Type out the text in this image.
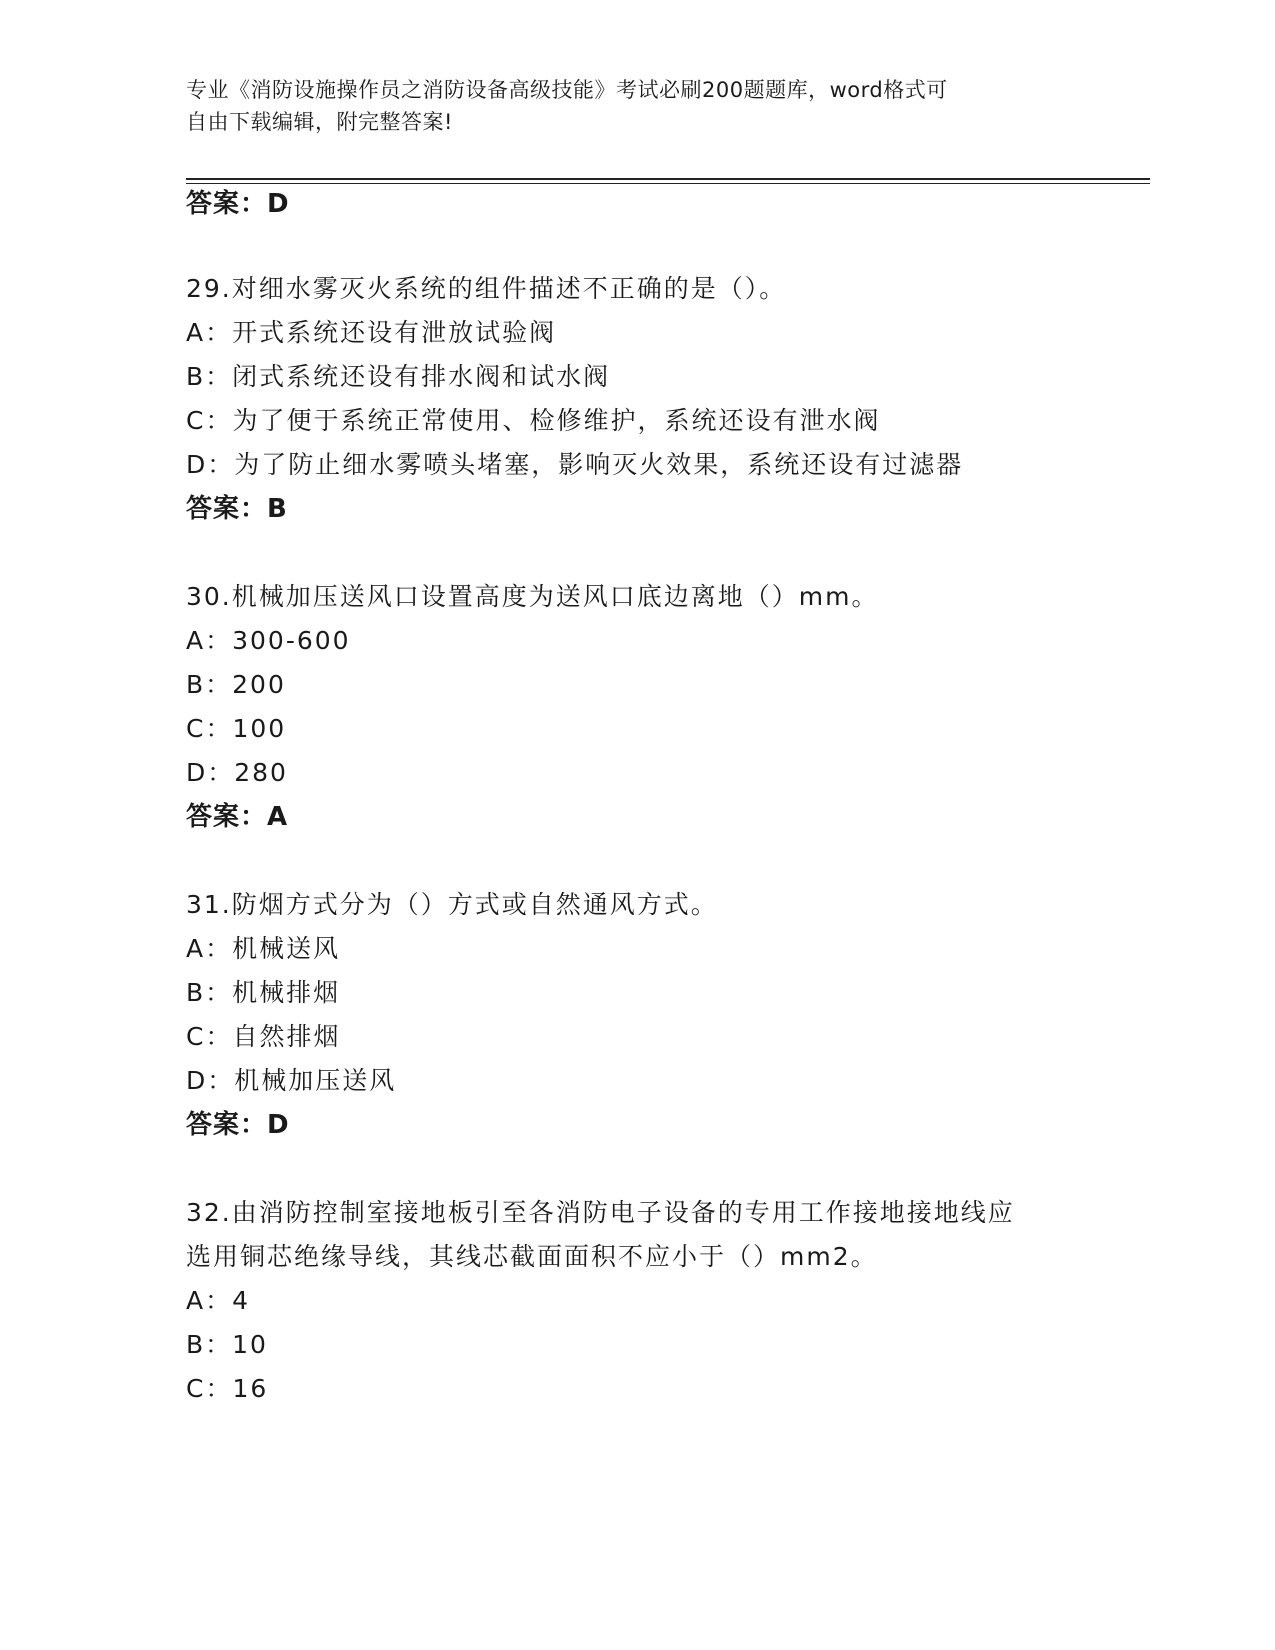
专业《消防设施操作员之消防设备高级技能》考试必刷200题题库，word格式可
自由下载编辑，附完整答案!
答案：D
29.对细水雾灭火系统的组件描述不正确的是（）。
A：开式系统还设有泄放试验阀
B：闭式系统还设有排水阀和试水阀
C：为了便于系统正常使用、检修维护，系统还设有泄水阀
D：为了防止细水雾喷头堵塞，影响灭火效果，系统还设有过滤器
答案：B
30.机械加压送风口设置高度为送风口底边离地（）mm。
A：300-600
B：200
C：100
D：280
答案：A
31.防烟方式分为（）方式或自然通风方式。
A：机械送风
B：机械排烟
C：自然排烟
D：机械加压送风
答案：D
32.由消防控制室接地板引至各消防电子设备的专用工作接地接地线应
选用铜芯绝缘导线，其线芯截面面积不应小于（）mm2。
A：4
B：10
C：16
